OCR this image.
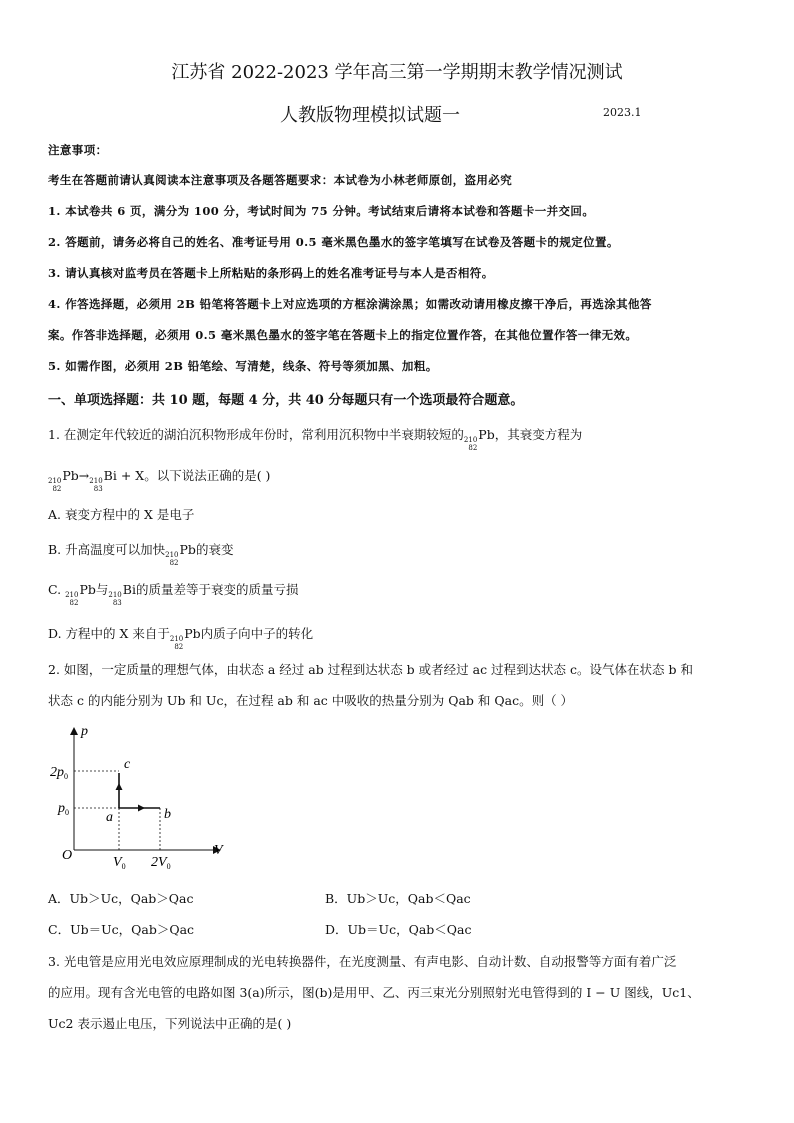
江苏省 2022-2023 学年高三第一学期期末教学情况测试
人教版物理模拟试题一	2023.1
注意事项：
考生在答题前请认真阅读本注意事项及各题答题要求：本试卷为小林老师原创，盗用必究
1. 本试卷共 6 页，满分为 100 分，考试时间为 75 分钟。考试结束后请将本试卷和答题卡一并交回。
2. 答题前，请务必将自己的姓名、准考证号用 0.5 毫米黑色墨水的签字笔填写在试卷及答题卡的规定位置。
3. 请认真核对监考员在答题卡上所粘贴的条形码上的姓名准考证号与本人是否相符。
4. 作答选择题，必须用 2B 铅笔将答题卡上对应选项的方框涂满涂黑；如需改动请用橡皮擦干净后，再选涂其他答
案。作答非选择题，必须用 0.5 毫米黑色墨水的签字笔在答题卡上的指定位置作答，在其他位置作答一律无效。
5. 如需作图，必须用 2B 铅笔绘、写清楚，线条、符号等须加黑、加粗。
一、单项选择题：共 10 题，每题 4 分，共 40 分每题只有一个选项最符合题意。
1. 在测定年代较近的湖泊沉积物形成年份时，常利用沉积物中半衰期较短的 210
82
Pb，其衰变方程为
210
82
Pb→ 210
83
Bi + X。以下说法正确的是( )
A. 衰变方程中的 X 是电子
B. 升高温度可以加快 210
82
Pb的衰变
C. 210
82
Pb与 210
83
Bi的质量差等于衰变的质量亏损
D. 方程中的 X 来自于 210
82
Pb内质子向中子的转化
2. 如图，一定质量的理想气体，由状态 a 经过 ab 过程到达状态 b 或者经过 ac 过程到达状态 c。设气体在状态 b 和
状态 c 的内能分别为 Ub 和 Uc，在过程 ab 和 ac 中吸收的热量分别为 Qab 和 Qac。则（ ）
p
V
O
$2p_0$
$p_0$
$V_0$ $2V_0$
c
a	b
A．Ub＞Uc，Qab＞Qac	B．Ub＞Uc，Qab＜Qac
C．Ub＝Uc，Qab＞Qac	D．Ub＝Uc，Qab＜Qac
3. 光电管是应用光电效应原理制成的光电转换器件，在光度测量、有声电影、自动计数、自动报警等方面有着广泛
的应用。现有含光电管的电路如图 3(a)所示，图(b)是用甲、乙、丙三束光分别照射光电管得到的 I − U 图线，Uc1、
Uc2 表示遏止电压，下列说法中正确的是( )
